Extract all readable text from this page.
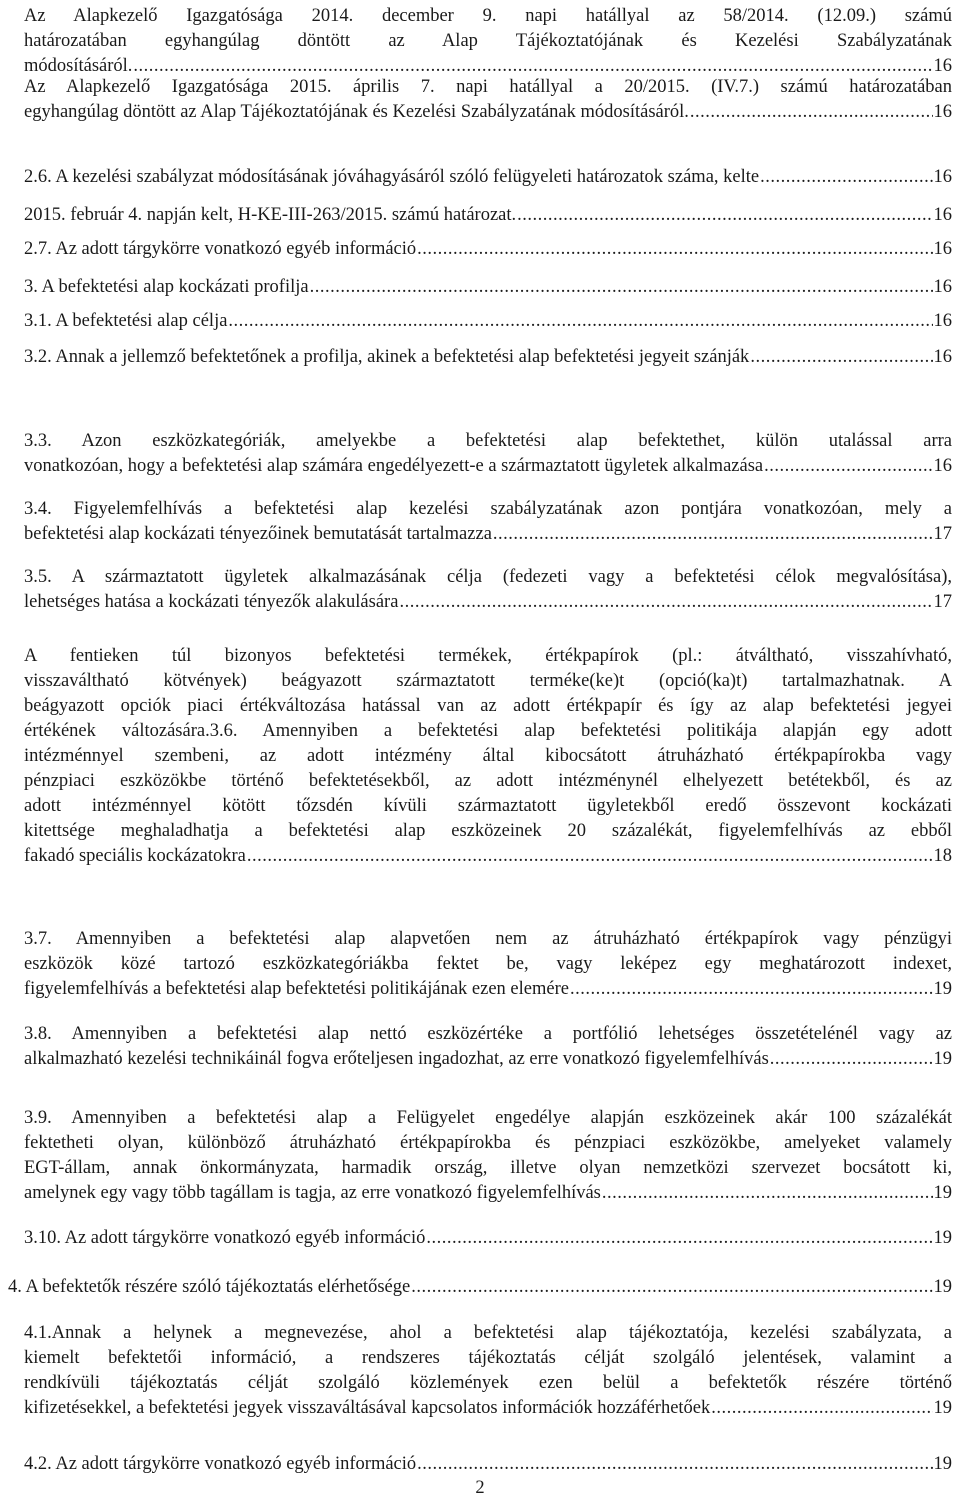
Az Alapkezelő Igazgatósága 2014. december 9. napi hatállyal az 58/2014. (12.09.) számú
határozatában egyhangúlag döntött az Alap Tájékoztatójának és Kezelési Szabályzatának
módosításáról. .....	16
Az Alapkezelő Igazgatósága 2015. április 7. napi hatállyal a 20/2015. (IV.7.) számú határozatában
egyhangúlag döntött az Alap Tájékoztatójának és Kezelési Szabályzatának módosításáról. .....	16
2.6. A kezelési szabályzat módosításának jóváhagyásáról szóló felügyeleti határozatok száma, kelte .....	16
2015. február 4. napján kelt, H-KE-III-263/2015. számú határozat. .....	16
2.7. Az adott tárgykörre vonatkozó egyéb információ .....	16
3. A befektetési alap kockázati profilja .....	16
3.1. A befektetési alap célja .....	16
3.2. Annak a jellemző befektetőnek a profilja, akinek a befektetési alap befektetési jegyeit szánják .....	16
3.3. Azon eszközkategóriák, amelyekbe a befektetési alap befektethet, külön utalással arra
vonatkozóan, hogy a befektetési alap számára engedélyezett-e a származtatott ügyletek alkalmazása .....	16
3.4. Figyelemfelhívás a befektetési alap kezelési szabályzatának azon pontjára vonatkozóan, mely a
befektetési alap kockázati tényezőinek bemutatását tartalmazza .....	17
3.5. A származtatott ügyletek alkalmazásának célja (fedezeti vagy a befektetési célok megvalósítása),
lehetséges hatása a kockázati tényezők alakulására .....	17
A fentieken túl bizonyos befektetési termékek, értékpapírok (pl.: átváltható, visszahívható,
visszaváltható kötvények) beágyazott származtatott terméke(ke)t (opció(ka)t) tartalmazhatnak. A
beágyazott opciók piaci értékváltozása hatással van az adott értékpapír és így az alap befektetési jegyei
értékének változására.3.6. Amennyiben a befektetési alap befektetési politikája alapján egy adott
intézménnyel szembeni, az adott intézmény által kibocsátott átruházható értékpapírokba vagy
pénzpiaci eszközökbe történő befektetésekből, az adott intézménynél elhelyezett betétekből, és az
adott intézménnyel kötött tőzsdén kívüli származtatott ügyletekből eredő összevont kockázati
kitettsége meghaladhatja a befektetési alap eszközeinek 20 százalékát, figyelemfelhívás az ebből
fakadó speciális kockázatokra .....	18
3.7. Amennyiben a befektetési alap alapvetően nem az átruházható értékpapírok vagy pénzügyi
eszközök közé tartozó eszközkategóriákba fektet be, vagy leképez egy meghatározott indexet,
figyelemfelhívás a befektetési alap befektetési politikájának ezen elemére .....	19
3.8. Amennyiben a befektetési alap nettó eszközértéke a portfólió lehetséges összetételénél vagy az
alkalmazható kezelési technikáinál fogva erőteljesen ingadozhat, az erre vonatkozó figyelemfelhívás .....	19
3.9. Amennyiben a befektetési alap a Felügyelet engedélye alapján eszközeinek akár 100 százalékát
fektetheti olyan, különböző átruházható értékpapírokba és pénzpiaci eszközökbe, amelyeket valamely
EGT-állam, annak önkormányzata, harmadik ország, illetve olyan nemzetközi szervezet bocsátott ki,
amelynek egy vagy több tagállam is tagja, az erre vonatkozó figyelemfelhívás .....	19
3.10. Az adott tárgykörre vonatkozó egyéb információ .....	19
4. A befektetők részére szóló tájékoztatás elérhetősége .....	19
4.1.Annak a helynek a megnevezése, ahol a befektetési alap tájékoztatója, kezelési szabályzata, a
kiemelt befektetői információ, a rendszeres tájékoztatás célját szolgáló jelentések, valamint a
rendkívüli tájékoztatás célját szolgáló közlemények ezen belül a befektetők részére történő
kifizetésekkel, a befektetési jegyek visszaváltásával kapcsolatos információk hozzáférhetőek .....	19
4.2. Az adott tárgykörre vonatkozó egyéb információ .....	19
2
